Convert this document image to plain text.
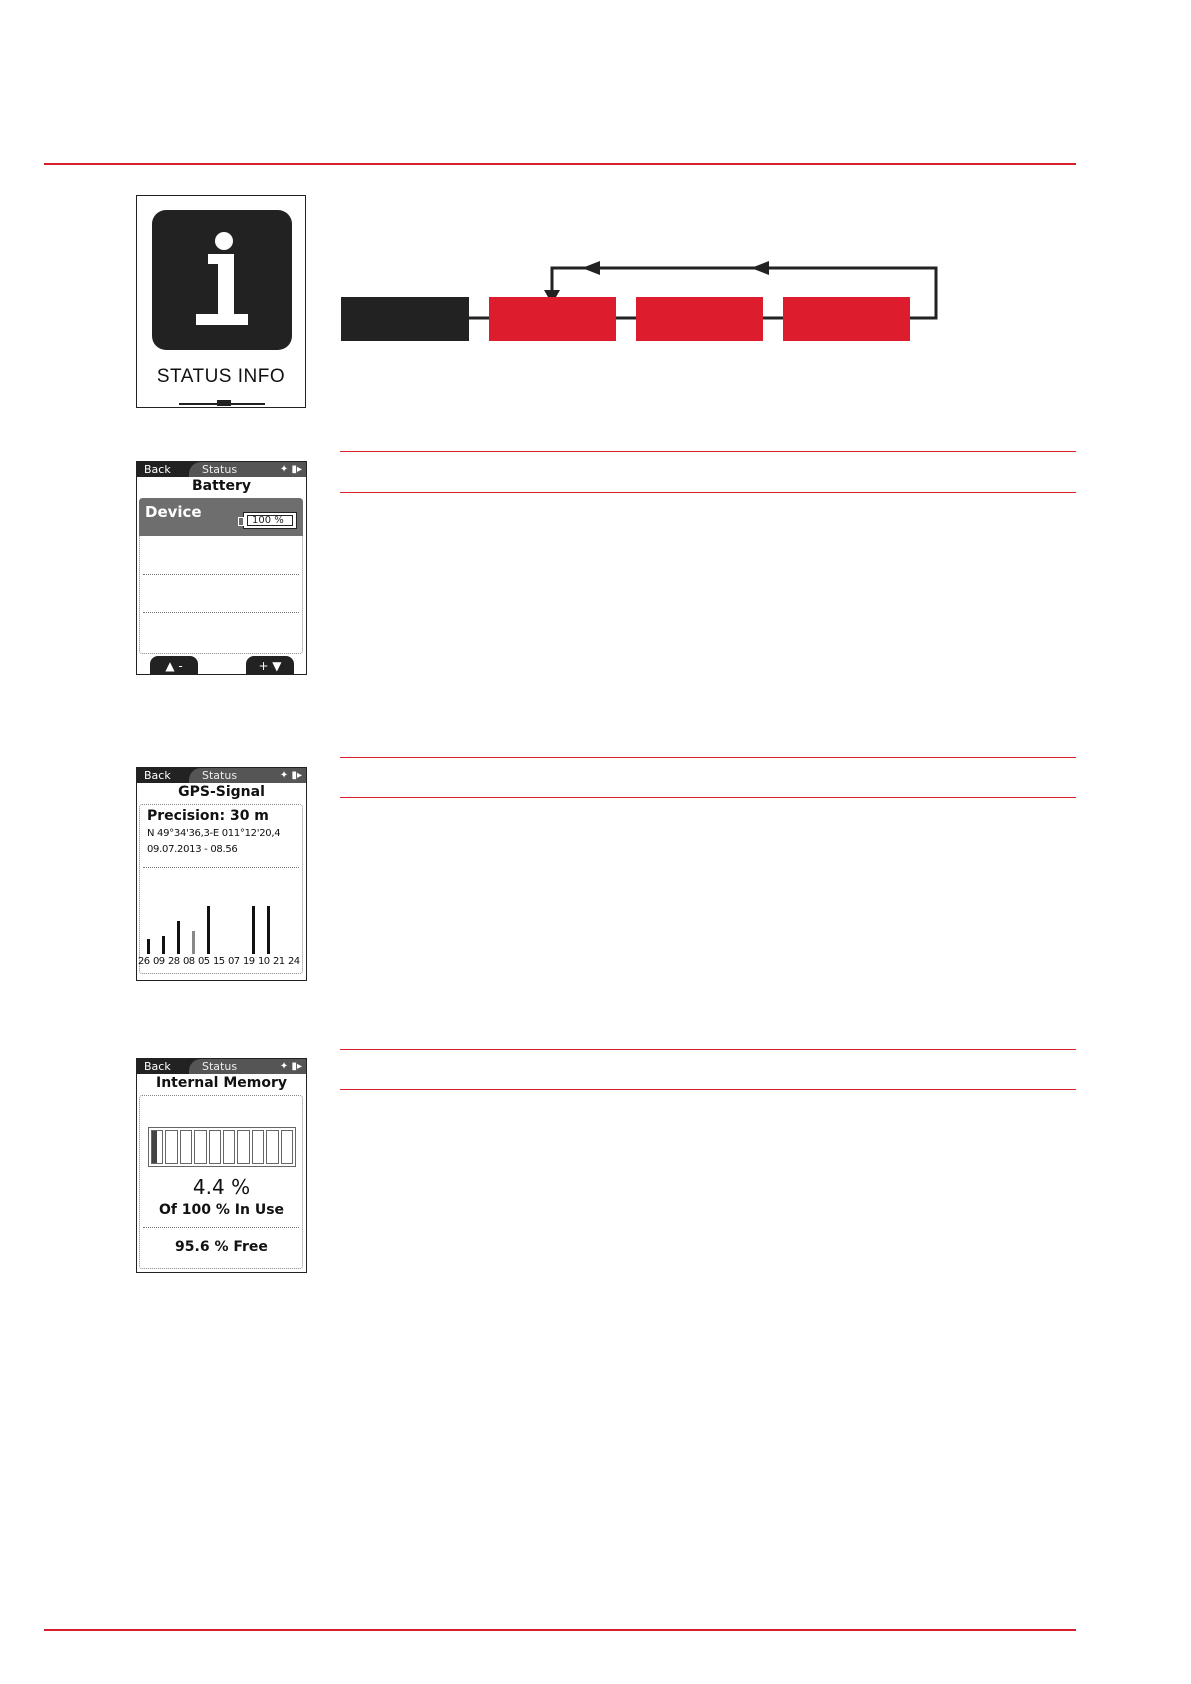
STATUS INFO
Back	Status	✦ ▮▸
Battery
Device	100 %
▲ -	+ ▼
Back	Status	✦ ▮▸
GPS-Signal
Precision: 30 m
N 49°34'36,3-E 011°12'20,4
09.07.2013 - 08.56
26 09 28 08 05 15 07 19 10 21 24
Back	Status	✦ ▮▸
Internal Memory
4.4 %
Of 100 % In Use
95.6 % Free
